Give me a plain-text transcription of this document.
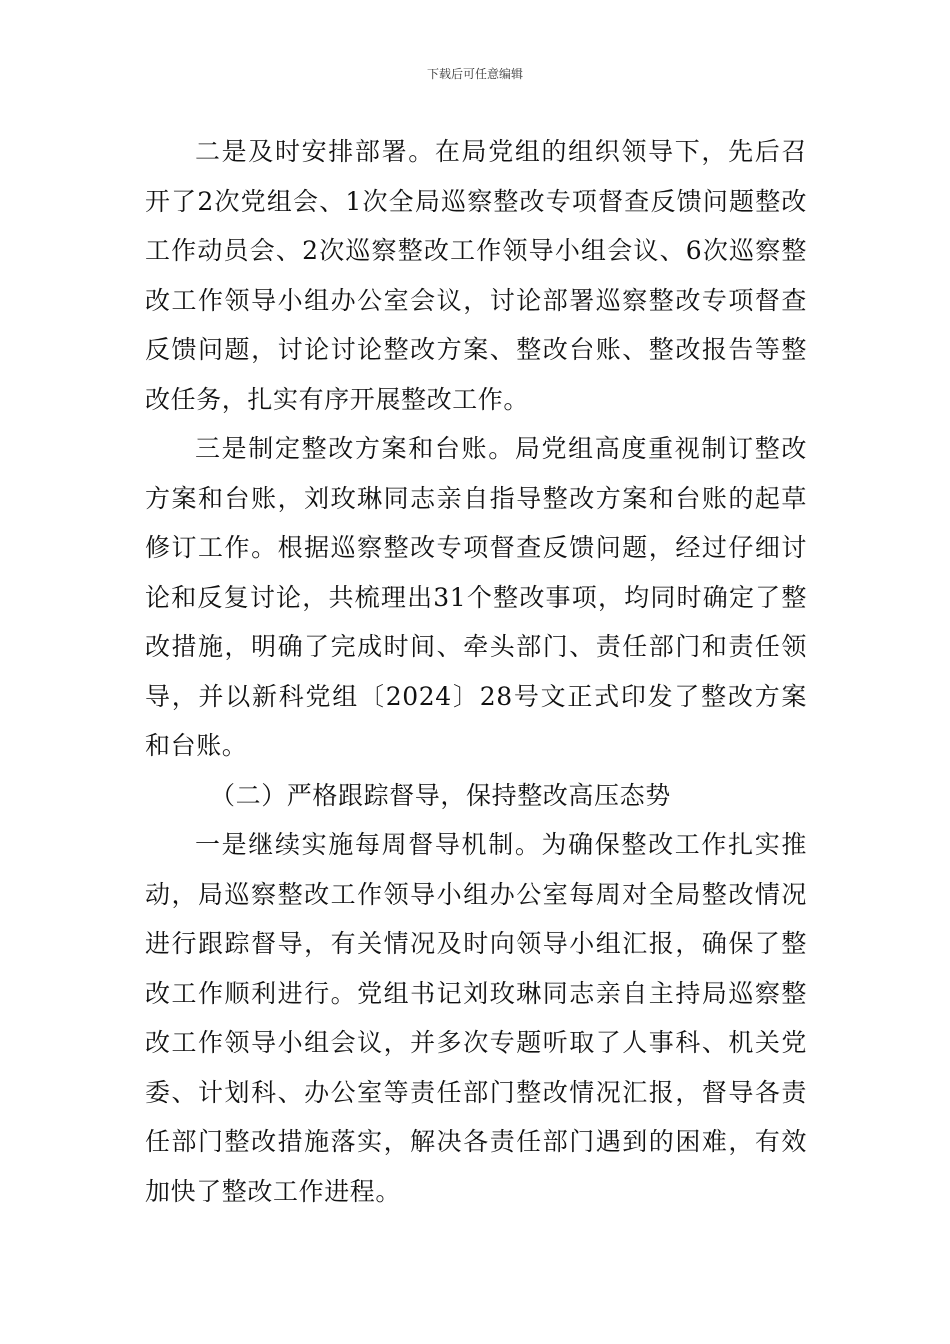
下载后可任意编辑

二是及时安排部署。在局党组的组织领导下，先后召开了2次党组会、1次全局巡察整改专项督查反馈问题整改工作动员会、2次巡察整改工作领导小组会议、6次巡察整改工作领导小组办公室会议，讨论部署巡察整改专项督查反馈问题，讨论讨论整改方案、整改台账、整改报告等整改任务，扎实有序开展整改工作。

三是制定整改方案和台账。局党组高度重视制订整改方案和台账，刘玫琳同志亲自指导整改方案和台账的起草修订工作。根据巡察整改专项督查反馈问题，经过仔细讨论和反复讨论，共梳理出31个整改事项，均同时确定了整改措施，明确了完成时间、牵头部门、责任部门和责任领导，并以新科党组〔2024〕28号文正式印发了整改方案和台账。

（二）严格跟踪督导，保持整改高压态势

一是继续实施每周督导机制。为确保整改工作扎实推动，局巡察整改工作领导小组办公室每周对全局整改情况进行跟踪督导，有关情况及时向领导小组汇报，确保了整改工作顺利进行。党组书记刘玫琳同志亲自主持局巡察整改工作领导小组会议，并多次专题听取了人事科、机关党委、计划科、办公室等责任部门整改情况汇报，督导各责任部门整改措施落实，解决各责任部门遇到的困难，有效加快了整改工作进程。
